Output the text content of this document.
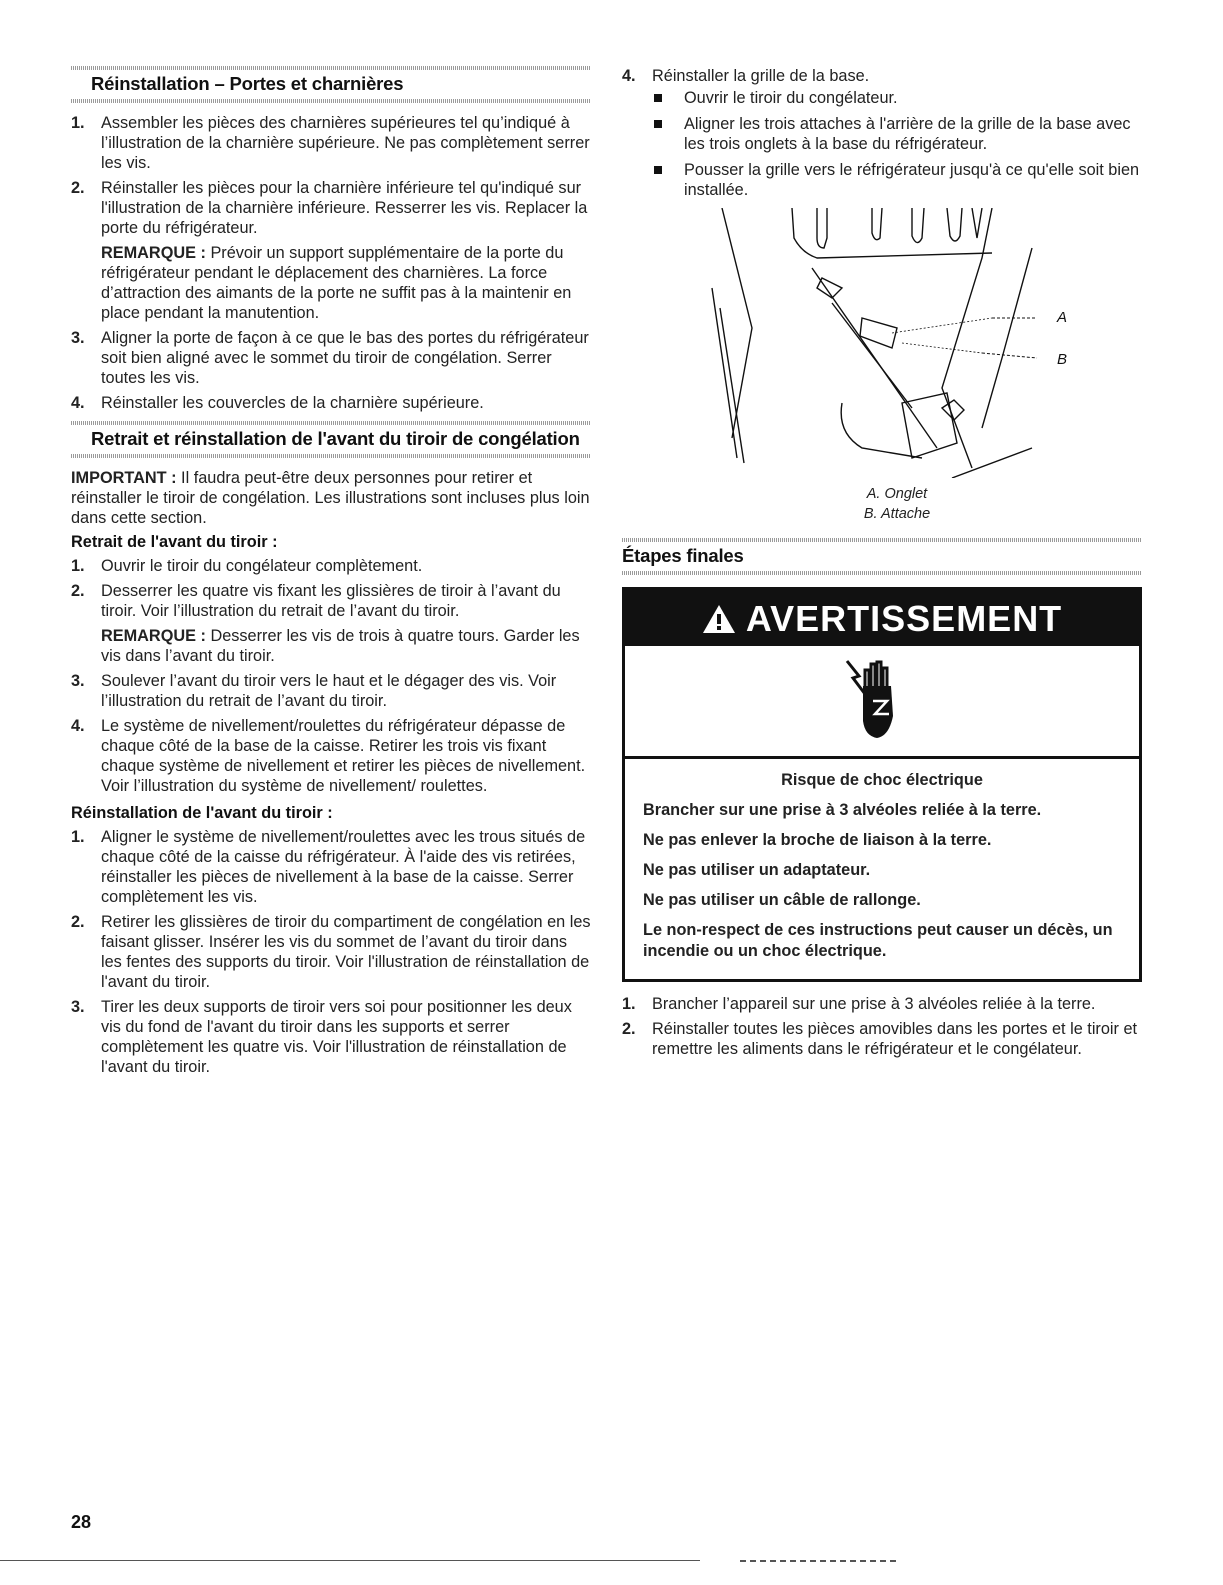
Réinstallation – Portes et charnières
1. Assembler les pièces des charnières supérieures tel qu’indiqué à l’illustration de la charnière supérieure. Ne pas complètement serrer les vis.

2. Réinstaller les pièces pour la charnière inférieure tel qu'indiqué sur l'illustration de la charnière inférieure. Resserrer les vis. Replacer la porte du réfrigérateur.

REMARQUE : Prévoir un support supplémentaire de la porte du réfrigérateur pendant le déplacement des charnières. La force d’attraction des aimants de la porte ne suffit pas à la maintenir en place pendant la manutention.

3. Aligner la porte de façon à ce que le bas des portes du réfrigérateur soit bien aligné avec le sommet du tiroir de congélation. Serrer toutes les vis.

4. Réinstaller les couvercles de la charnière supérieure.

Retrait et réinstallation de l'avant du tiroir de congélation

IMPORTANT : Il faudra peut-être deux personnes pour retirer et réinstaller le tiroir de congélation. Les illustrations sont incluses plus loin dans cette section.

Retrait de l'avant du tiroir :
1. Ouvrir le tiroir du congélateur complètement.

2. Desserrer les quatre vis fixant les glissières de tiroir à l’avant du tiroir. Voir l’illustration du retrait de l’avant du tiroir.

REMARQUE : Desserrer les vis de trois à quatre tours. Garder les vis dans l’avant du tiroir.

3. Soulever l’avant du tiroir vers le haut et le dégager des vis. Voir l’illustration du retrait de l’avant du tiroir.

4. Le système de nivellement/roulettes du réfrigérateur dépasse de chaque côté de la base de la caisse. Retirer les trois vis fixant chaque système de nivellement et retirer les pièces de nivellement. Voir l’illustration du système de nivellement/ roulettes.

Réinstallation de l'avant du tiroir :
1. Aligner le système de nivellement/roulettes avec les trous situés de chaque côté de la caisse du réfrigérateur. À l'aide des vis retirées, réinstaller les pièces de nivellement à la base de la caisse. Serrer complètement les vis.

2. Retirer les glissières de tiroir du compartiment de congélation en les faisant glisser. Insérer les vis du sommet de l’avant du tiroir dans les fentes des supports du tiroir. Voir l'illustration de réinstallation de l'avant du tiroir.

3. Tirer les deux supports de tiroir vers soi pour positionner les deux vis du fond de l'avant du tiroir dans les supports et serrer complètement les quatre vis. Voir l'illustration de réinstallation de l'avant du tiroir.

4. Réinstaller la grille de la base.

Ouvrir le tiroir du congélateur.
Aligner les trois attaches à l'arrière de la grille de la base avec les trois onglets à la base du réfrigérateur.
Pousser la grille vers le réfrigérateur jusqu'à ce qu'elle soit bien installée.
A
B
A. Onglet
B. Attache
Étapes finales
AVERTISSEMENT
Risque de choc électrique
Brancher sur une prise à 3 alvéoles reliée à la terre.
Ne pas enlever la broche de liaison à la terre.
Ne pas utiliser un adaptateur.
Ne pas utiliser un câble de rallonge.
Le non-respect de ces instructions peut causer un décès, un incendie ou un choc électrique.
1. Brancher l’appareil sur une prise à 3 alvéoles reliée à la terre.

2. Réinstaller toutes les pièces amovibles dans les portes et le tiroir et remettre les aliments dans le réfrigérateur et le congélateur.

28
